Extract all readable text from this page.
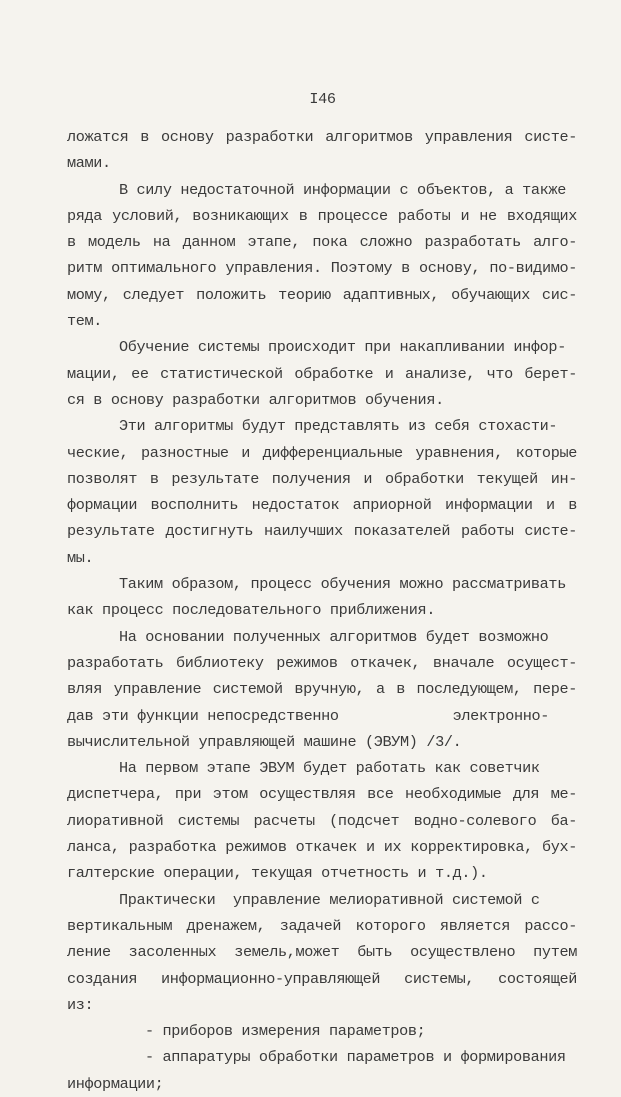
I46
ложатся в основу разработки алгоритмов управления систе-
мами.
В силу недостаточной информации с объектов, а также
ряда условий, возникающих в процессе работы и не входящих
в модель на данном этапе, пока сложно разработать алго-
ритм оптимального управления. Поэтому в основу, по-видимо-
мому, следует положить теорию адаптивных, обучающих сис-
тем.
Обучение системы происходит при накапливании инфор-
мации, ее статистической обработке и анализе, что берет-
ся в основу разработки алгоритмов обучения.
Эти алгоритмы будут представлять из себя стохасти-
ческие, разностные и дифференциальные уравнения, которые
позволят в результате получения и обработки текущей ин-
формации восполнить недостаток априорной информации и в
результате достигнуть наилучших показателей работы систе-
мы.
Таким образом, процесс обучения можно рассматривать
как процесс последовательного приближения.
На основании полученных алгоритмов будет возможно
разработать библиотеку режимов откачек, вначале осущест-
вляя управление системой вручную, а в последующем, пере-
дав эти функции непосредственно             электронно-
вычислительной управляющей машине (ЭВУМ) /3/.
На первом этапе ЭВУМ будет работать как советчик
диспетчера, при этом осуществляя все необходимые для ме-
лиоративной системы расчеты (подсчет водно-солевого ба-
ланса, разработка режимов откачек и их корректировка, бух-
галтерские операции, текущая отчетность и т.д.).
Практически  управление мелиоративной системой с
вертикальным дренажем, задачей которого является рассо-
ление засоленных земель,может быть осуществлено путем
создания информационно-управляющей системы, состоящей
из:
- приборов измерения параметров;
- аппаратуры обработки параметров и формирования
информации;
